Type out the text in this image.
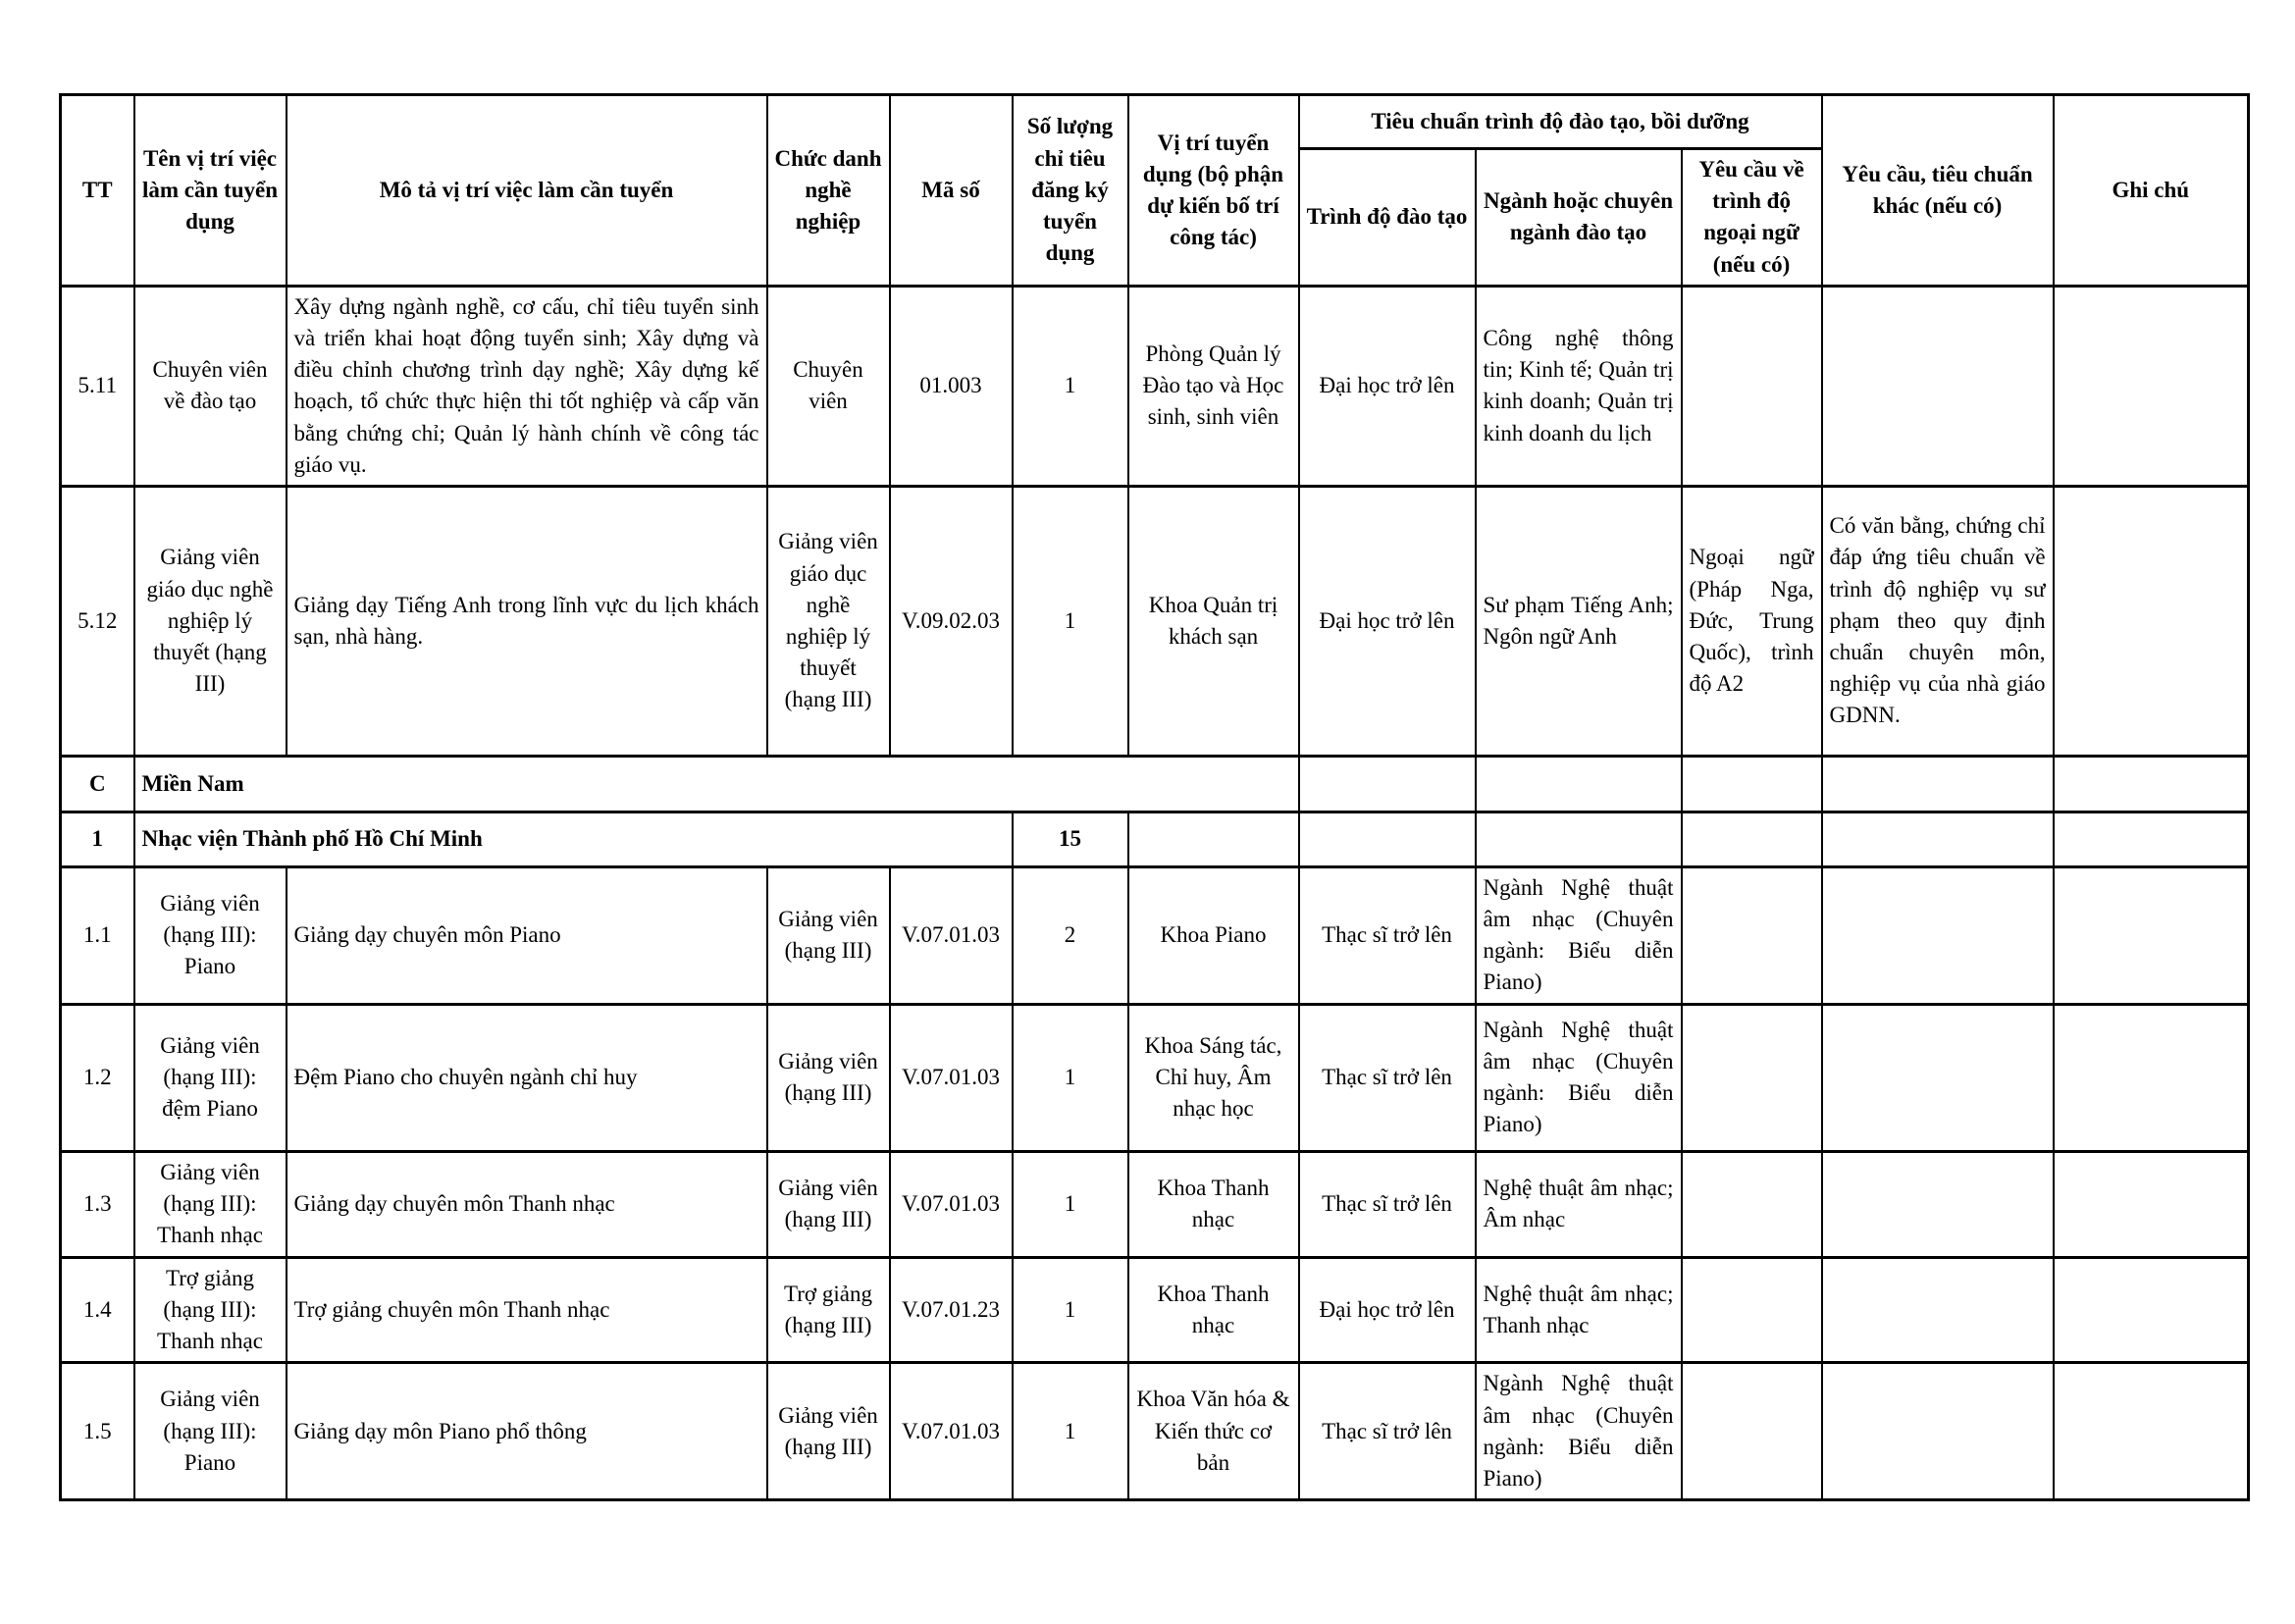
TT	Tên vị trí việc làm cần tuyển dụng	Mô tả vị trí việc làm cần tuyển	Chức danh nghề nghiệp	Mã số	Số lượng chỉ tiêu đăng ký tuyển dụng	Vị trí tuyển dụng (bộ phận dự kiến bố trí công tác)	Tiêu chuẩn trình độ đào tạo, bồi dưỡng			Yêu cầu, tiêu chuẩn khác (nếu có)	Ghi chú
							Trình độ đào tạo	Ngành hoặc chuyên ngành đào tạo	Yêu cầu về trình độ ngoại ngữ (nếu có)		
5.11	Chuyên viên về đào tạo	Xây dựng ngành nghề, cơ cấu, chỉ tiêu tuyển sinh và triển khai hoạt động tuyển sinh; Xây dựng và điều chỉnh chương trình dạy nghề; Xây dựng kế hoạch, tổ chức thực hiện thi tốt nghiệp và cấp văn bằng chứng chỉ; Quản lý hành chính về công tác giáo vụ.	Chuyên viên	01.003	1	Phòng Quản lý Đào tạo và Học sinh, sinh viên	Đại học trở lên	Công nghệ thông tin; Kinh tế; Quản trị kinh doanh; Quản trị kinh doanh du lịch			
5.12	Giảng viên giáo dục nghề nghiệp lý thuyết (hạng III)	Giảng dạy Tiếng Anh trong lĩnh vực du lịch khách sạn, nhà hàng.	Giảng viên giáo dục nghề nghiệp lý thuyết (hạng III)	V.09.02.03	1	Khoa Quản trị khách sạn	Đại học trở lên	Sư phạm Tiếng Anh; Ngôn ngữ Anh	Ngoại ngữ (Pháp Nga, Đức, Trung Quốc), trình độ A2	Có văn bằng, chứng chỉ đáp ứng tiêu chuẩn về trình độ nghiệp vụ sư phạm theo quy định chuẩn chuyên môn, nghiệp vụ của nhà giáo GDNN.	
C	Miền Nam										
1	Nhạc viện Thành phố Hồ Chí Minh				15						
1.1	Giảng viên (hạng III): Piano	Giảng dạy chuyên môn Piano	Giảng viên (hạng III)	V.07.01.03	2	Khoa Piano	Thạc sĩ trở lên	Ngành Nghệ thuật âm nhạc (Chuyên ngành: Biểu diễn Piano)			
1.2	Giảng viên (hạng III): đệm Piano	Đệm Piano cho chuyên ngành chỉ huy	Giảng viên (hạng III)	V.07.01.03	1	Khoa Sáng tác, Chỉ huy, Âm nhạc học	Thạc sĩ trở lên	Ngành Nghệ thuật âm nhạc (Chuyên ngành: Biểu diễn Piano)			
1.3	Giảng viên (hạng III): Thanh nhạc	Giảng dạy chuyên môn Thanh nhạc	Giảng viên (hạng III)	V.07.01.03	1	Khoa Thanh nhạc	Thạc sĩ trở lên	Nghệ thuật âm nhạc; Âm nhạc			
1.4	Trợ giảng (hạng III): Thanh nhạc	Trợ giảng chuyên môn Thanh nhạc	Trợ giảng (hạng III)	V.07.01.23	1	Khoa Thanh nhạc	Đại học trở lên	Nghệ thuật âm nhạc; Thanh nhạc			
1.5	Giảng viên (hạng III): Piano	Giảng dạy môn Piano phổ thông	Giảng viên (hạng III)	V.07.01.03	1	Khoa Văn hóa & Kiến thức cơ bản	Thạc sĩ trở lên	Ngành Nghệ thuật âm nhạc (Chuyên ngành: Biểu diễn Piano)			
